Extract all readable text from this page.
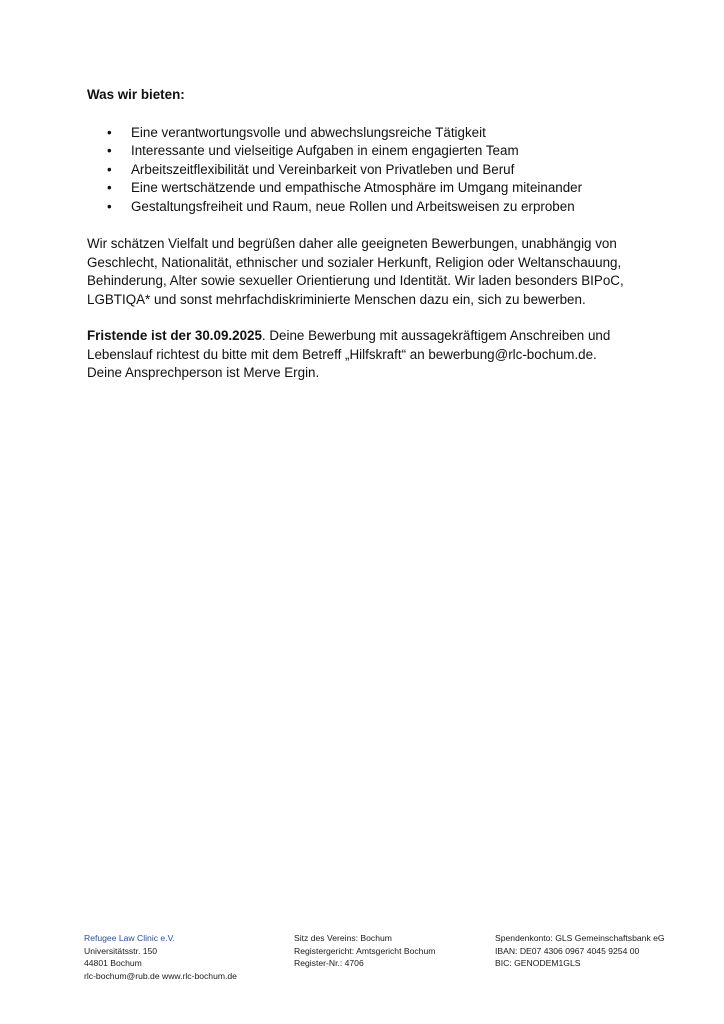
Was wir bieten:
• Eine verantwortungsvolle und abwechslungsreiche Tätigkeit
• Interessante und vielseitige Aufgaben in einem engagierten Team
• Arbeitszeitflexibilität und Vereinbarkeit von Privatleben und Beruf
• Eine wertschätzende und empathische Atmosphäre im Umgang miteinander
• Gestaltungsfreiheit und Raum, neue Rollen und Arbeitsweisen zu erproben
Wir schätzen Vielfalt und begrüßen daher alle geeigneten Bewerbungen, unabhängig von
Geschlecht, Nationalität, ethnischer und sozialer Herkunft, Religion oder Weltanschauung,
Behinderung, Alter sowie sexueller Orientierung und Identität. Wir laden besonders BIPoC,
LGBTIQA* und sonst mehrfachdiskriminierte Menschen dazu ein, sich zu bewerben.
Fristende ist der 30.09.2025. Deine Bewerbung mit aussagekräftigem Anschreiben und
Lebenslauf richtest du bitte mit dem Betreff „Hilfskraft“ an bewerbung@rlc-bochum.de.
Deine Ansprechperson ist Merve Ergin.
Refugee Law Clinic e.V.
Universitätsstr. 150
44801 Bochum
rlc-bochum@rub.de www.rlc-bochum.de
Sitz des Vereins: Bochum
Registergericht: Amtsgericht Bochum
Register-Nr.: 4706
Spendenkonto: GLS Gemeinschaftsbank eG
IBAN: DE07 4306 0967 4045 9254 00
BIC: GENODEM1GLS
